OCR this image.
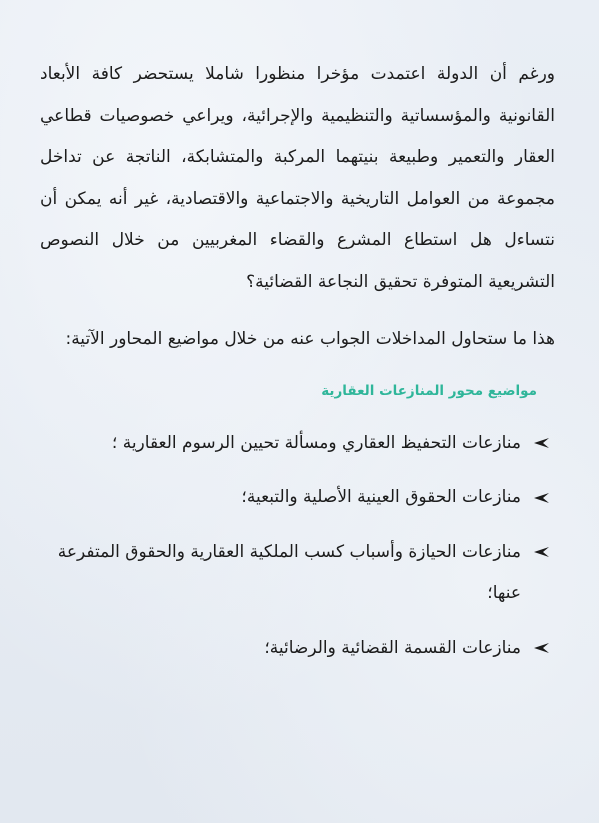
ورغم أن الدولة اعتمدت مؤخرا منظورا شاملا يستحضر كافة الأبعاد القانونية والمؤسساتية والتنظيمية والإجرائية، ويراعي خصوصيات قطاعي العقار والتعمير وطبيعة بنيتهما المركبة والمتشابكة، الناتجة عن تداخل مجموعة من العوامل التاريخية والاجتماعية والاقتصادية، غير أنه يمكن أن نتساءل هل استطاع المشرع والقضاء المغربيين من خلال النصوص التشريعية المتوفرة تحقيق النجاعة القضائية؟

هذا ما ستحاول المداخلات الجواب عنه من خلال مواضيع المحاور الآتية:

مواضيع محور المنازعات العقارية
منازعات التحفيظ العقاري ومسألة تحيين الرسوم العقارية ؛
منازعات الحقوق العينية الأصلية والتبعية؛
منازعات الحيازة وأسباب كسب الملكية العقارية والحقوق المتفرعة عنها؛
منازعات القسمة القضائية والرضائية؛
